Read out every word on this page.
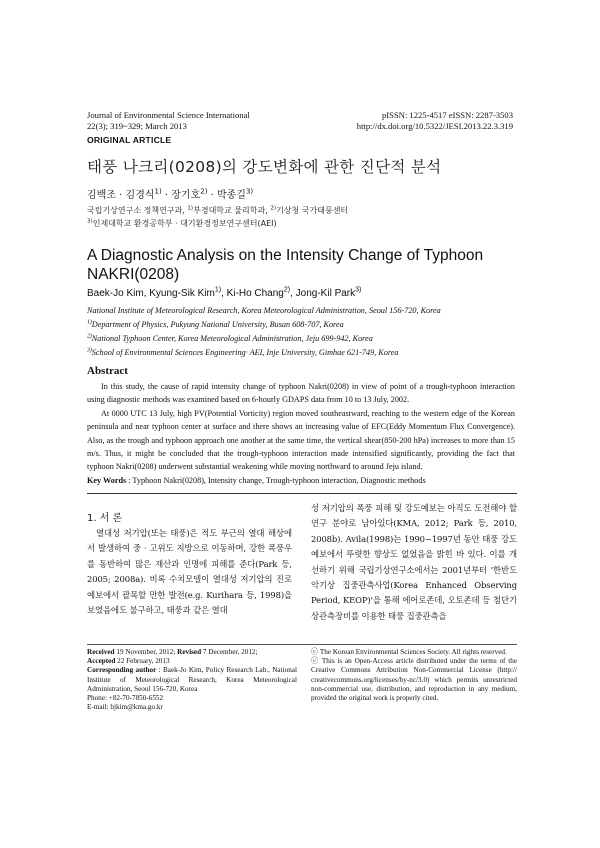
Journal of Environmental Science International
22(3); 319~329; March 2013
pISSN: 1225-4517 eISSN: 2287-3503
http://dx.doi.org/10.5322/JESI.2013.22.3.319
ORIGINAL ARTICLE
태풍 나크리(0208)의 강도변화에 관한 진단적 분석
김백조 · 김경식$^{1)}$ · 장기호$^{2)}$ · 박종길$^{3)}$
국립기상연구소 정책연구과, $^{1)}$부경대학교 물리학과, $^{2)}$기상청 국가태풍센터
$^{3)}$인제대학교 환경공학부 · 대기환경정보연구센터(AEI)
A Diagnostic Analysis on the Intensity Change of Typhoon NAKRI(0208)
Baek-Jo Kim, Kyung-Sik Kim$^{1)}$, Ki-Ho Chang$^{2)}$, Jong-Kil Park$^{3)}$
National Institute of Meteorological Research, Korea Meteorological Administration, Seoul 156-720, Korea
$^{1)}$Department of Physics, Pukyung National University, Busan 608-707, Korea
$^{2)}$National Typhoon Center, Korea Meteorological Administration, Jeju 699-942, Korea
$^{3)}$School of Environmental Sciences Engineering· AEI, Inje University, Gimhae 621-749, Korea
Abstract

In this study, the cause of rapid intensity change of typhoon Nakri(0208) in view of point of a trough-typhoon interaction using diagnostic methods was examined based on 6-hourly GDAPS data from 10 to 13 July, 2002.

At 0000 UTC 13 July, high PV(Potential Vorticity) region moved southeastward, reaching to the western edge of the Korean peninsula and near typhoon center at surface and there shows an increasing value of EFC(Eddy Momentum Flux Convergence). Also, as the trough and typhoon approach one another at the same time, the vertical shear(850-200 hPa) increases to more than 15 m/s. Thus, it might be concluded that the trough-typhoon interaction made intensified significantly, providing the fact that typhoon Nakri(0208) underwent substantial weakening while moving northward to around Jeju island.

Key Words : Typhoon Nakri(0208), Intensity change, Trough-typhoon interaction, Diagnostic methods
1. 서 론

열대성 저기압(또는 태풍)은 적도 부근의 열대 해상에서 발생하여 중 · 고위도 지방으로 이동하며, 강한 폭풍우를 동반하여 많은 재산과 인명에 피해를 준다(Park 등, 2005; 2008a). 비록 수치모델이 열대성 저기압의 진로예보에서 괄목할 만한 발전(e.g. Kurihara 등, 1998)을 보였음에도 불구하고, 태풍과 같은 열대

성 저기압의 폭풍 피해 및 강도예보는 아직도 도전해야 할 연구 분야로 남아있다(KMA, 2012; Park 등, 2010, 2008b). Avila(1998)는 1990~1997년 동안 태풍 강도예보에서 뚜렷한 향상도 없었음을 밝힌 바 있다. 이를 개선하기 위해 국립기상연구소에서는 2001년부터 '한반도 악기상 집중관측사업(Korea Enhanced Observing Period, KEOP)'을 통해 에어로존데, 오토존데 등 첨단기상관측장비를 이용한 태풍 집중관측을

Received 19 November, 2012; Revised 7 December, 2012;
Accepted 22 February, 2013
Corresponding author : Baek-Jo Kim, Policy Research Lab., National Institute of Meteorological Research, Korea Meteorological Administration, Seoul 156-720, Korea
Phone: +82-70-7850-6552
E-mail: bjkim@kma.go.kr
ⓒ The Korean Environmental Sciences Society. All rights reserved.
ⓒ This is an Open-Access article distributed under the terms of the Creative Commons Attribution Non-Commercial License (http:// creativecommons.org/licenses/by-nc/3.0) which permits unrestricted non-commercial use, distribution, and reproduction in any medium, provided the original work is properly cited.
